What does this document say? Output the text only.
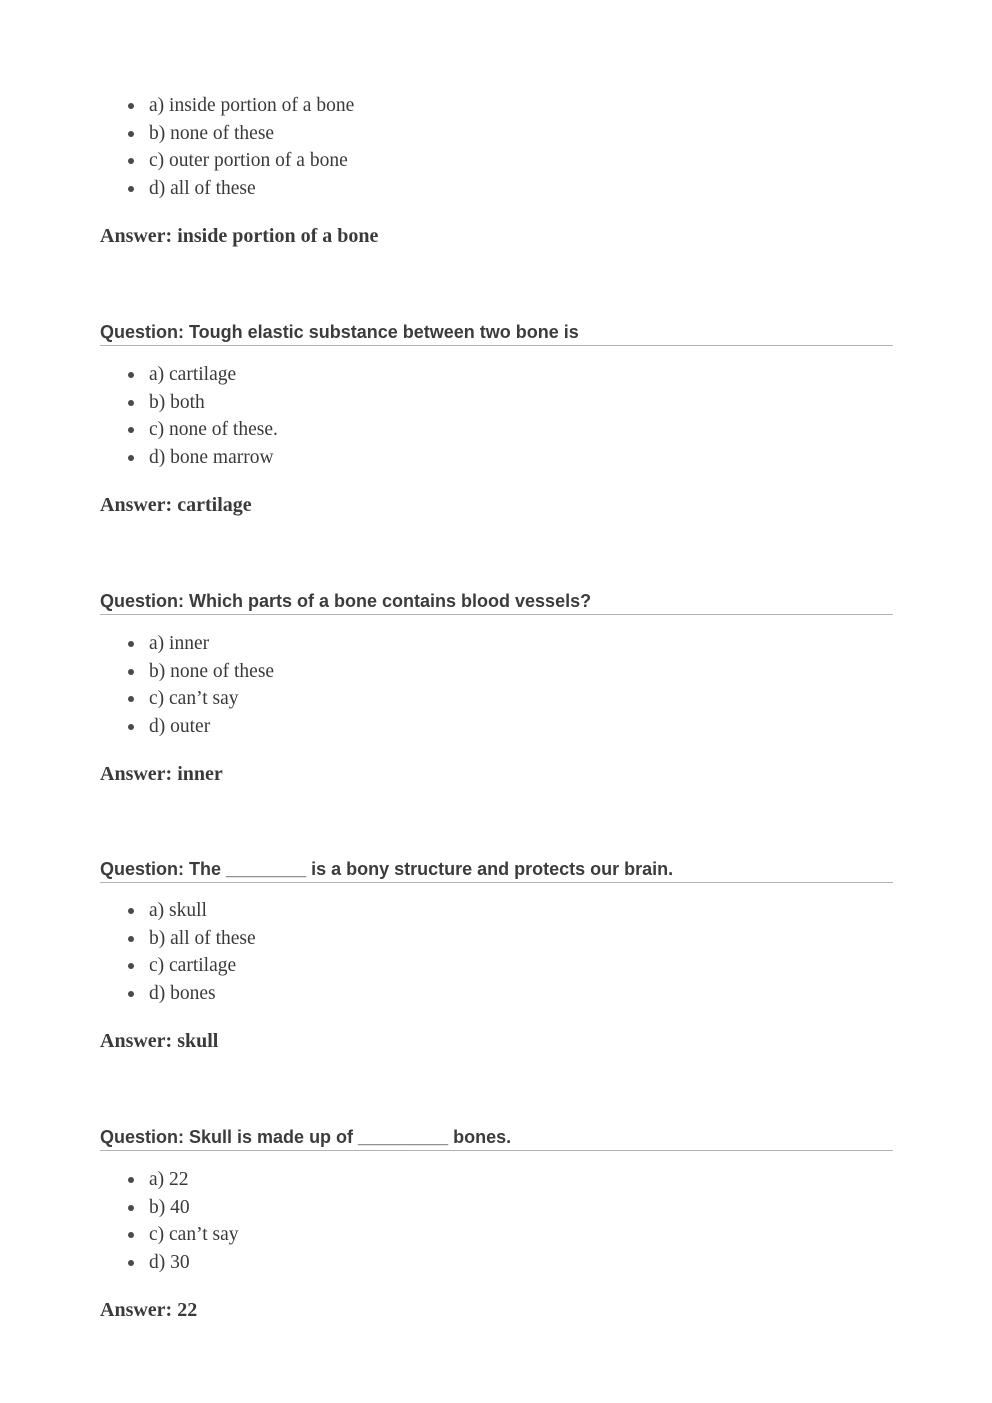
a) inside portion of a bone
b) none of these
c) outer portion of a bone
d) all of these
Answer: inside portion of a bone
Question: Tough elastic substance between two bone is
a) cartilage
b) both
c) none of these.
d) bone marrow
Answer: cartilage
Question: Which parts of a bone contains blood vessels?
a) inner
b) none of these
c) can’t say
d) outer
Answer: inner
Question: The ________ is a bony structure and protects our brain.
a) skull
b) all of these
c) cartilage
d) bones
Answer: skull
Question: Skull is made up of _________ bones.
a) 22
b) 40
c) can’t say
d) 30
Answer: 22
